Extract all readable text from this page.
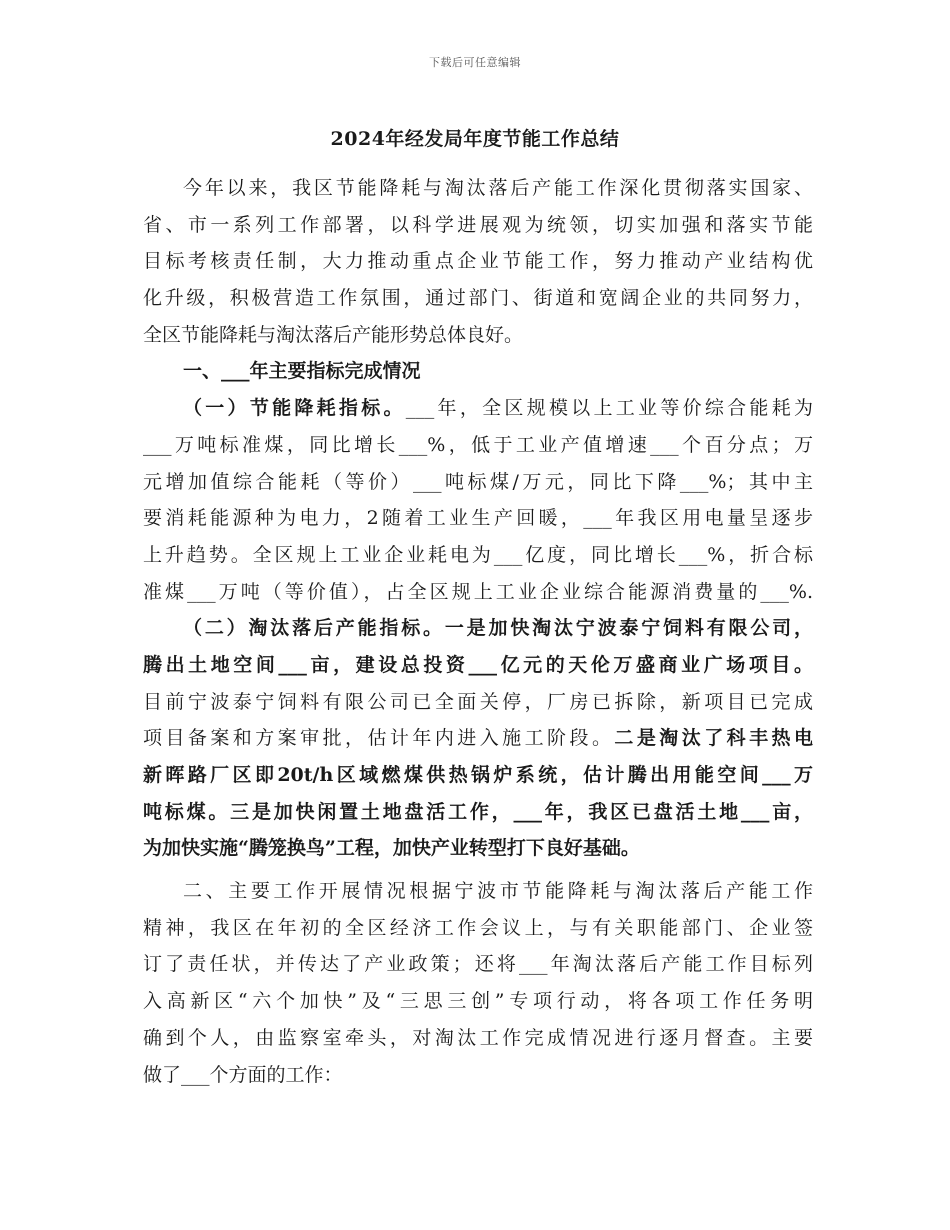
下载后可任意编辑
2024年经发局年度节能工作总结
今年以来，我区节能降耗与淘汰落后产能工作深化贯彻落实国家、
省、市一系列工作部署，以科学进展观为统领，切实加强和落实节能
目标考核责任制，大力推动重点企业节能工作，努力推动产业结构优
化升级，积极营造工作氛围，通过部门、街道和宽阔企业的共同努力，
全区节能降耗与淘汰落后产能形势总体良好。
一、___年主要指标完成情况
（一）节能降耗指标。___年，全区规模以上工业等价综合能耗为
___万吨标准煤，同比增长___%，低于工业产值增速___个百分点；万
元增加值综合能耗（等价）___吨标煤/万元，同比下降___%；其中主
要消耗能源种为电力，2随着工业生产回暖，___年我区用电量呈逐步
上升趋势。全区规上工业企业耗电为___亿度，同比增长___%，折合标
准煤___万吨（等价值），占全区规上工业企业综合能源消费量的___%.
（二）淘汰落后产能指标。一是加快淘汰宁波泰宁饲料有限公司，
腾出土地空间___亩，建设总投资___亿元的天伦万盛商业广场项目。
目前宁波泰宁饲料有限公司已全面关停，厂房已拆除，新项目已完成
项目备案和方案审批，估计年内进入施工阶段。二是淘汰了科丰热电
新晖路厂区即20t/h区域燃煤供热锅炉系统，估计腾出用能空间___万
吨标煤。三是加快闲置土地盘活工作，___年，我区已盘活土地___亩，
为加快实施“腾笼换鸟”工程，加快产业转型打下良好基础。
二、主要工作开展情况根据宁波市节能降耗与淘汰落后产能工作
精神，我区在年初的全区经济工作会议上，与有关职能部门、企业签
订了责任状，并传达了产业政策；还将___年淘汰落后产能工作目标列
入高新区“六个加快”及“三思三创”专项行动，将各项工作任务明
确到个人，由监察室牵头，对淘汰工作完成情况进行逐月督查。主要
做了___个方面的工作：
